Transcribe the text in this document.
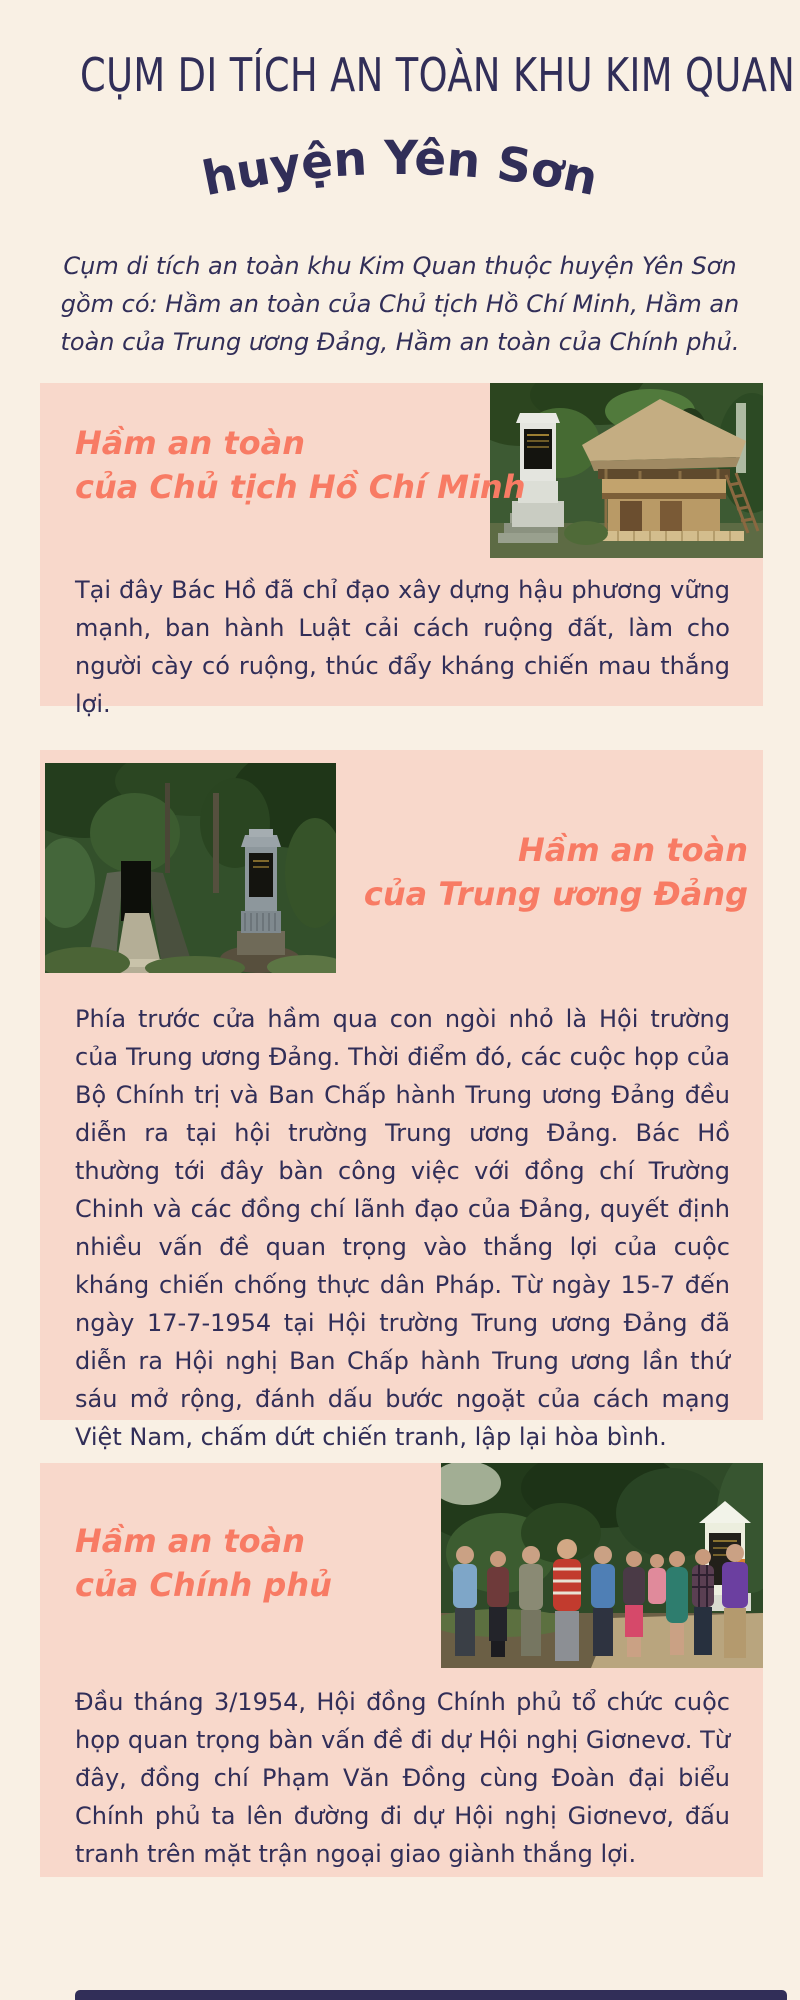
CỤM DI TÍCH AN TOÀN KHU KIM QUAN
huyện Yên Sơn

Cụm di tích an toàn khu Kim Quan thuộc huyện Yên Sơn gồm có: Hầm an toàn của Chủ tịch Hồ Chí Minh, Hầm an toàn của Trung ương Đảng, Hầm an toàn của Chính phủ.

Hầm an toàn
của Chủ tịch Hồ Chí Minh

Tại đây Bác Hồ đã chỉ đạo xây dựng hậu phương vững mạnh, ban hành Luật cải cách ruộng đất, làm cho người cày có ruộng, thúc đẩy kháng chiến mau thắng lợi.

Hầm an toàn
của Trung ương Đảng

Phía trước cửa hầm qua con ngòi nhỏ là Hội trường của Trung ương Đảng. Thời điểm đó, các cuộc họp của Bộ Chính trị và Ban Chấp hành Trung ương Đảng đều diễn ra tại hội trường Trung ương Đảng. Bác Hồ thường tới đây bàn công việc với đồng chí Trường Chinh và các đồng chí lãnh đạo của Đảng, quyết định nhiều vấn đề quan trọng vào thắng lợi của cuộc kháng chiến chống thực dân Pháp. Từ ngày 15-7 đến ngày 17-7-1954 tại Hội trường Trung ương Đảng đã diễn ra Hội nghị Ban Chấp hành Trung ương lần thứ sáu mở rộng, đánh dấu bước ngoặt của cách mạng Việt Nam, chấm dứt chiến tranh, lập lại hòa bình.

Hầm an toàn
của Chính phủ

Đầu tháng 3/1954, Hội đồng Chính phủ tổ chức cuộc họp quan trọng bàn vấn đề đi dự Hội nghị Giơnevơ. Từ đây, đồng chí Phạm Văn Đồng cùng Đoàn đại biểu Chính phủ ta lên đường đi dự Hội nghị Giơnevơ, đấu tranh trên mặt trận ngoại giao giành thắng lợi.
